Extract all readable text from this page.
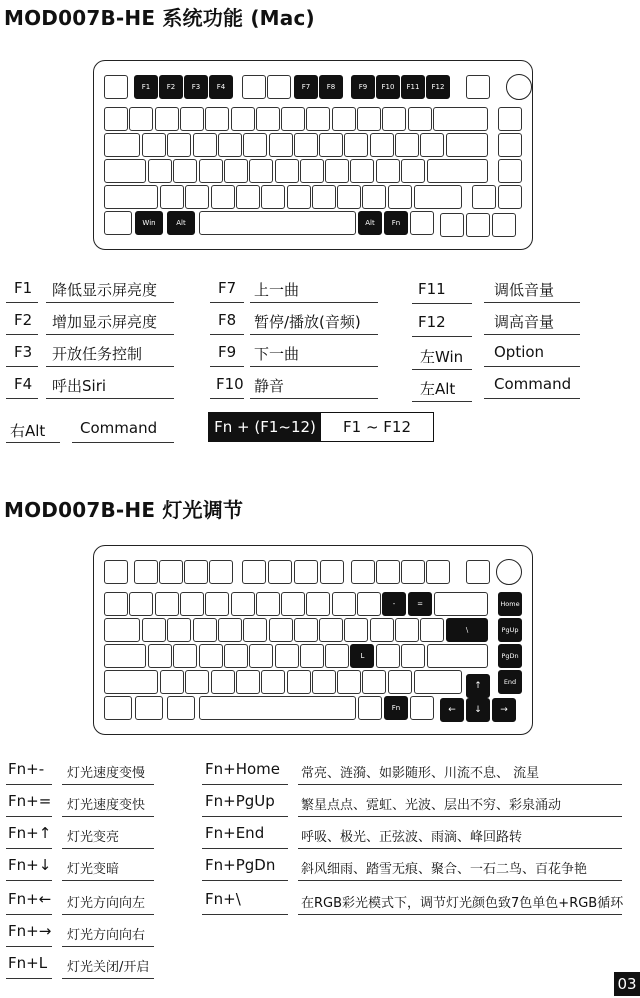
MOD007B-HE 系统功能 (Mac)
F1	F2	F3	F4	F7	F8	F9	F10	F11	F12
Win	Alt	Alt	Fn
Fn + (F1~12)	F1 ~ F12
F1 降低显示屏亮度
F2 增加显示屏亮度
F3 开放任务控制
F4 呼出Siri
右Alt Command
F7 上一曲
F8 暂停/播放(音频)
F9 下一曲
F10 静音
F11	调低音量
F12	调高音量
左Win Option
左Alt	Command
MOD007B-HE 灯光调节
-	=	Home
\	PgUp
L	PgDn
↑	End
Fn	←	↓	→
Fn+- 灯光速度变慢
Fn+= 灯光速度变快
Fn+↑ 灯光变亮
Fn+↓ 灯光变暗
Fn+← 灯光方向向左
Fn+→ 灯光方向向右
Fn+L 灯光关闭/开启
Fn+Home 常亮、涟漪、如影随形、川流不息、 流星
Fn+PgUp 繁星点点、霓虹、光波、层出不穷、彩泉涌动
Fn+End	呼吸、极光、正弦波、雨滴、峰回路转
Fn+PgDn 斜风细雨、踏雪无痕、聚合、一石二鸟、百花争艳
Fn+\	在RGB彩光模式下，调节灯光颜色致7色单色+RGB循环
03
